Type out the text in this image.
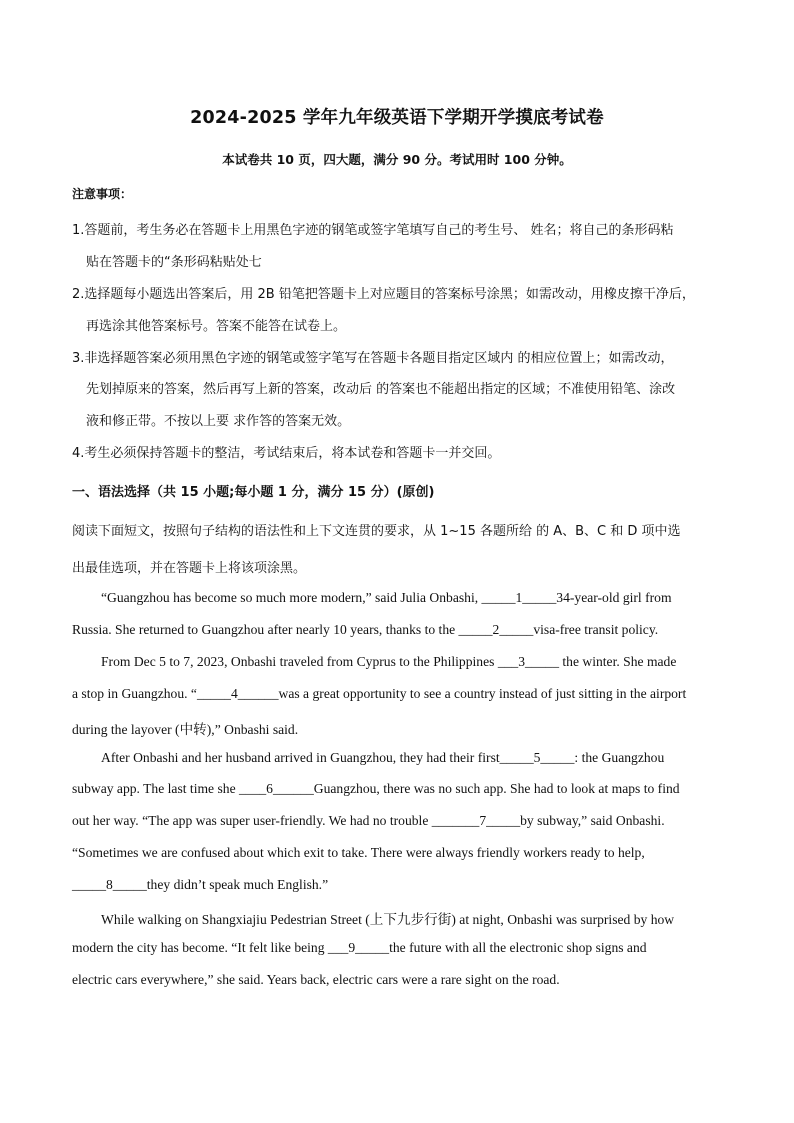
2024-2025 学年九年级英语下学期开学摸底考试卷
本试卷共 10 页，四大题，满分 90 分。考试用时 100 分钟。
注意事项：
1.答题前，考生务必在答题卡上用黑色字迹的钢笔或签字笔填写自己的考生号、 姓名；将自己的条形码粘
贴在答题卡的“条形码粘贴处七
2.选择题每小题选出答案后，用 2B 铅笔把答题卡上对应题目的答案标号涂黑；如需改动，用橡皮擦干净后，
再选涂其他答案标号。答案不能答在试卷上。
3.非选择题答案必须用黑色字迹的钢笔或签字笔写在答题卡各题目指定区域内 的相应位置上；如需改动，
先划掉原来的答案，然后再写上新的答案，改动后 的答案也不能超出指定的区域；不准使用铅笔、涂改
液和修正带。不按以上要 求作答的答案无效。
4.考生必须保持答题卡的整洁，考试结束后，将本试卷和答题卡一并交回。
一、语法选择（共 15 小题;每小题 1 分，满分 15 分）(原创)
阅读下面短文，按照句子结构的语法性和上下文连贯的要求，从 1~15 各题所给 的 A、B、C 和 D 项中选
出最佳选项，并在答题卡上将该项涂黑。
“Guangzhou has become so much more modern,” said Julia Onbashi, _____1_____34-year-old girl from
Russia. She returned to Guangzhou after nearly 10 years, thanks to the _____2_____visa-free transit policy.
From Dec 5 to 7, 2023, Onbashi traveled from Cyprus to the Philippines ___3_____ the winter. She made
a stop in Guangzhou. “_____4______was a great opportunity to see a country instead of just sitting in the airport
during the layover (中转),” Onbashi said.
After Onbashi and her husband arrived in Guangzhou, they had their first_____5_____: the Guangzhou
subway app. The last time she ____6______Guangzhou, there was no such app. She had to look at maps to find
out her way. “The app was super user-friendly. We had no trouble _______7_____by subway,” said Onbashi.
“Sometimes we are confused about which exit to take. There were always friendly workers ready to help,
_____8_____they didn’t speak much English.”
While walking on Shangxiajiu Pedestrian Street (上下九步行街) at night, Onbashi was surprised by how
modern the city has become. “It felt like being ___9_____the future with all the electronic shop signs and
electric cars everywhere,” she said. Years back, electric cars were a rare sight on the road.
